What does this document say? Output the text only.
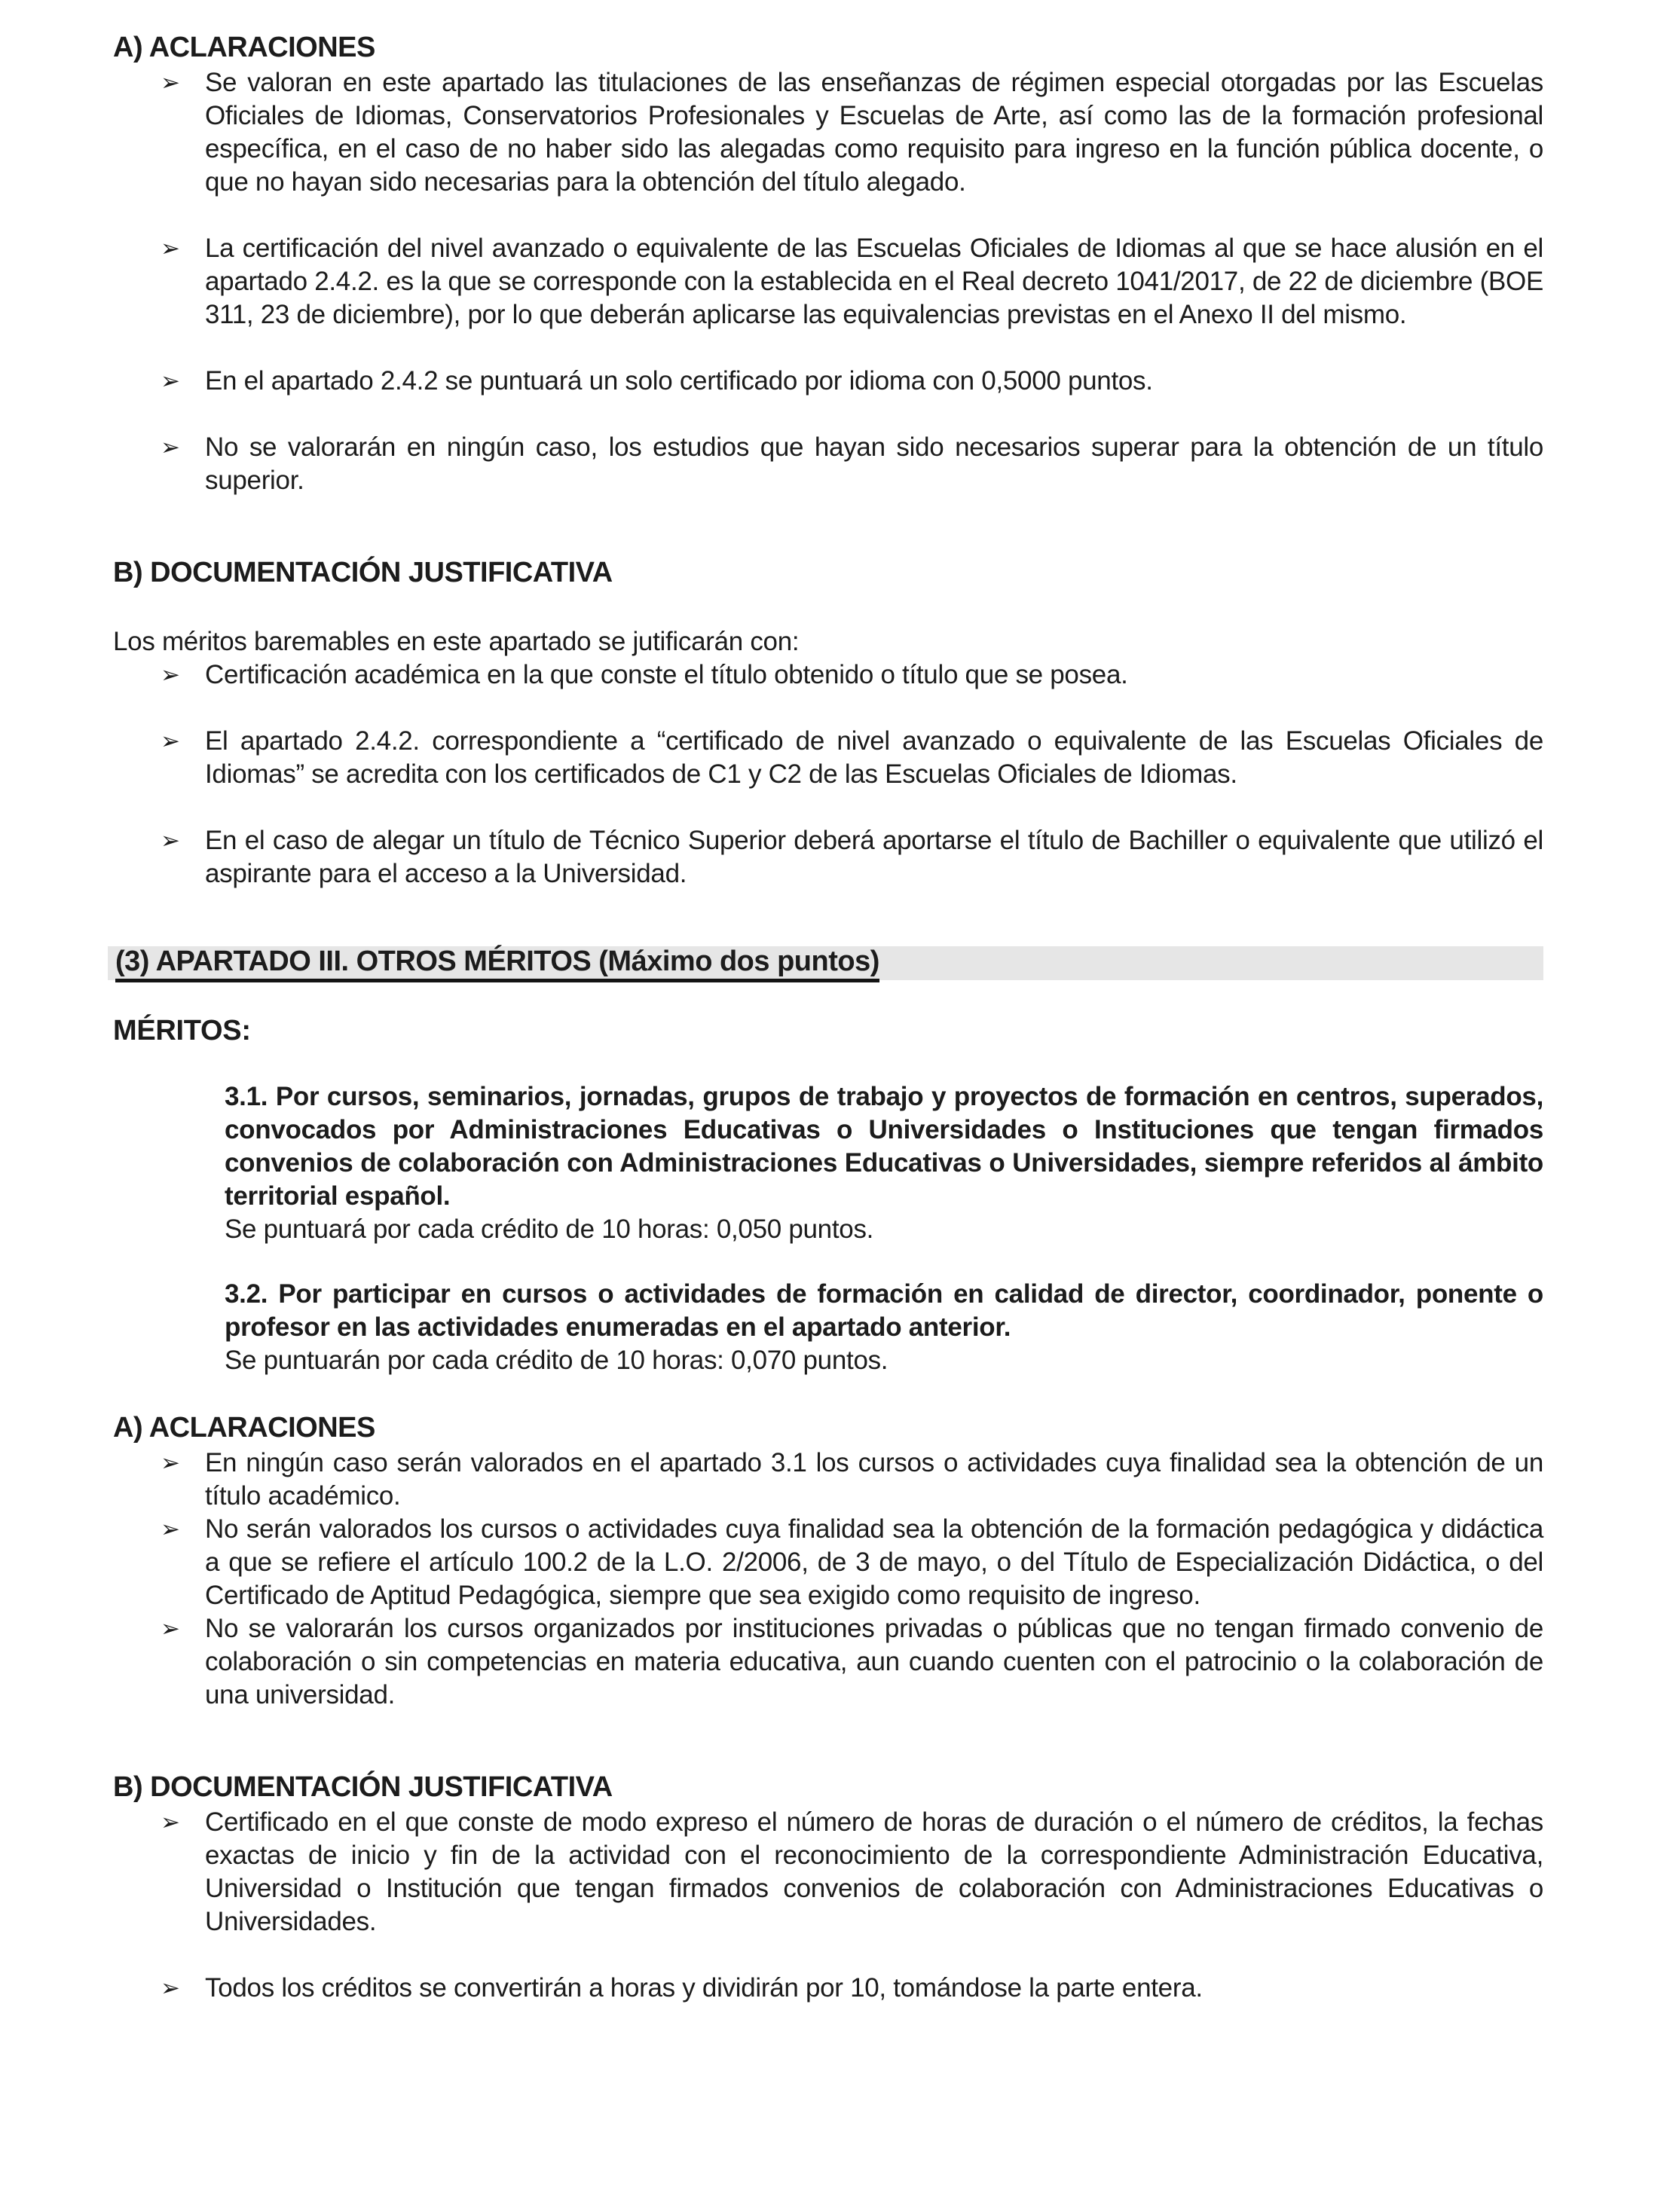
A) ACLARACIONES
➢ Se valoran en este apartado las titulaciones de las enseñanzas de régimen especial otorgadas por las Escuelas Oficiales de Idiomas, Conservatorios Profesionales y Escuelas de Arte, así como las de la formación profesional específica, en el caso de no haber sido las alegadas como requisito para ingreso en la función pública docente, o que no hayan sido necesarias para la obtención del título alegado.
➢ La certificación del nivel avanzado o equivalente de las Escuelas Oficiales de Idiomas al que se hace alusión en el apartado 2.4.2. es la que se corresponde con la establecida en el Real decreto 1041/2017, de 22 de diciembre (BOE 311, 23 de diciembre), por lo que deberán aplicarse las equivalencias previstas en el Anexo II del mismo.
➢ En el apartado 2.4.2 se puntuará un solo certificado por idioma con 0,5000 puntos.
➢ No se valorarán en ningún caso, los estudios que hayan sido necesarios superar para la obtención de un título superior.
B) DOCUMENTACIÓN JUSTIFICATIVA

Los méritos baremables en este apartado se jutificarán con:

➢ Certificación académica en la que conste el título obtenido o título que se posea.
➢ El apartado 2.4.2. correspondiente a “certificado de nivel avanzado o equivalente de las Escuelas Oficiales de Idiomas” se acredita con los certificados de C1 y C2 de las Escuelas Oficiales de Idiomas.
➢ En el caso de alegar un título de Técnico Superior deberá aportarse el título de Bachiller o equivalente que utilizó el aspirante para el acceso a la Universidad.
(3) APARTADO III. OTROS MÉRITOS (Máximo dos puntos)

MÉRITOS:

3.1. Por cursos, seminarios, jornadas, grupos de trabajo y proyectos de formación en centros, superados, convocados por Administraciones Educativas o Universidades o Instituciones que tengan firmados convenios de colaboración con Administraciones Educativas o Universidades, siempre referidos al ámbito territorial español.

Se puntuará por cada crédito de 10 horas: 0,050 puntos.

3.2. Por participar en cursos o actividades de formación en calidad de director, coordinador, ponente o profesor en las actividades enumeradas en el apartado anterior.

Se puntuarán por cada crédito de 10 horas: 0,070 puntos.

A) ACLARACIONES
➢ En ningún caso serán valorados en el apartado 3.1 los cursos o actividades cuya finalidad sea la obtención de un título académico.
➢ No serán valorados los cursos o actividades cuya finalidad sea la obtención de la formación pedagógica y didáctica a que se refiere el artículo 100.2 de la L.O. 2/2006, de 3 de mayo, o del Título de Especialización Didáctica, o del Certificado de Aptitud Pedagógica, siempre que sea exigido como requisito de ingreso.
➢ No se valorarán los cursos organizados por instituciones privadas o públicas que no tengan firmado convenio de colaboración o sin competencias en materia educativa, aun cuando cuenten con el patrocinio o la colaboración de una universidad.
B) DOCUMENTACIÓN JUSTIFICATIVA
➢ Certificado en el que conste de modo expreso el número de horas de duración o el número de créditos, la fechas exactas de inicio y fin de la actividad con el reconocimiento de la correspondiente Administración Educativa, Universidad o Institución que tengan firmados convenios de colaboración con Administraciones Educativas o Universidades.
➢ Todos los créditos se convertirán a horas y dividirán por 10, tomándose la parte entera.
